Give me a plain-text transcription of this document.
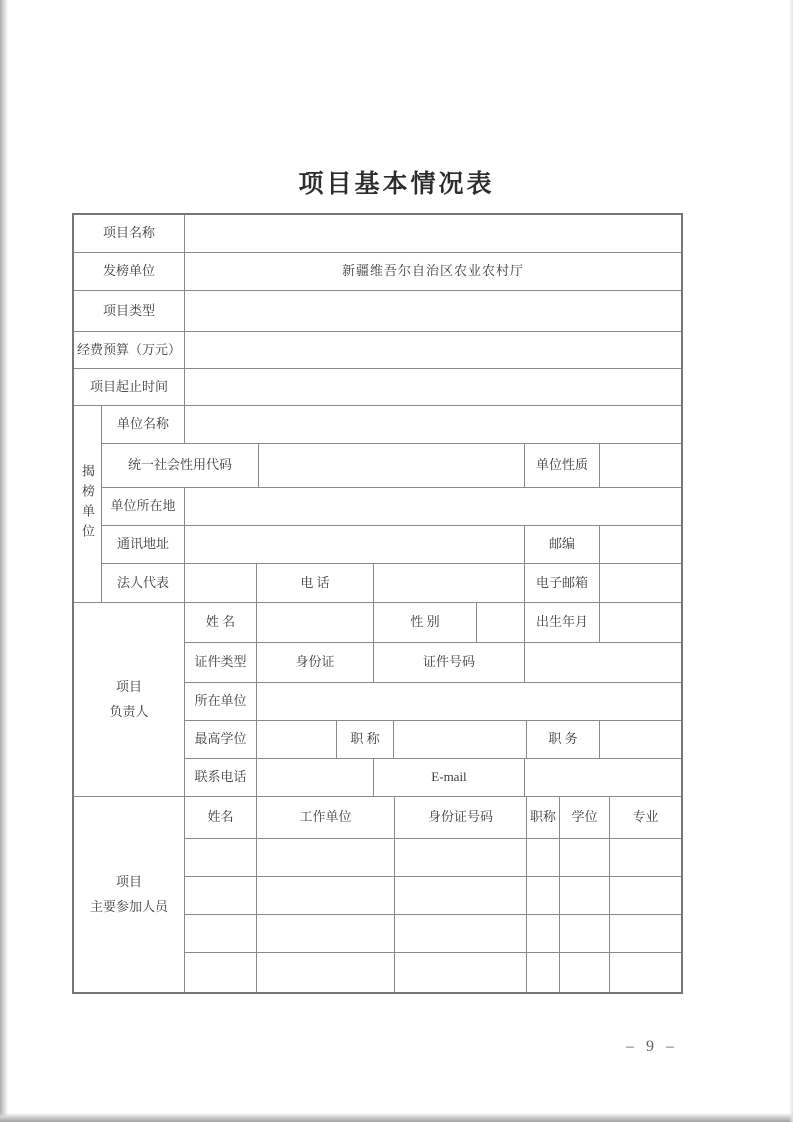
项目基本情况表
项目名称
发榜单位	新疆维吾尔自治区农业农村厅
项目类型
经费预算（万元）
项目起止时间
揭榜单位
单位名称
统一社会性用代码	单位性质
单位所在地
通讯地址	邮编
法人代表	电 话	电子邮箱
项目
负责人
姓 名	性 别	出生年月
证件类型	身份证	证件号码
所在单位
最高学位	职 称	职 务
联系电话	E-mail
项目
主要参加人员
姓名	工作单位	身份证号码	职称	学位	专业
– 9 –
